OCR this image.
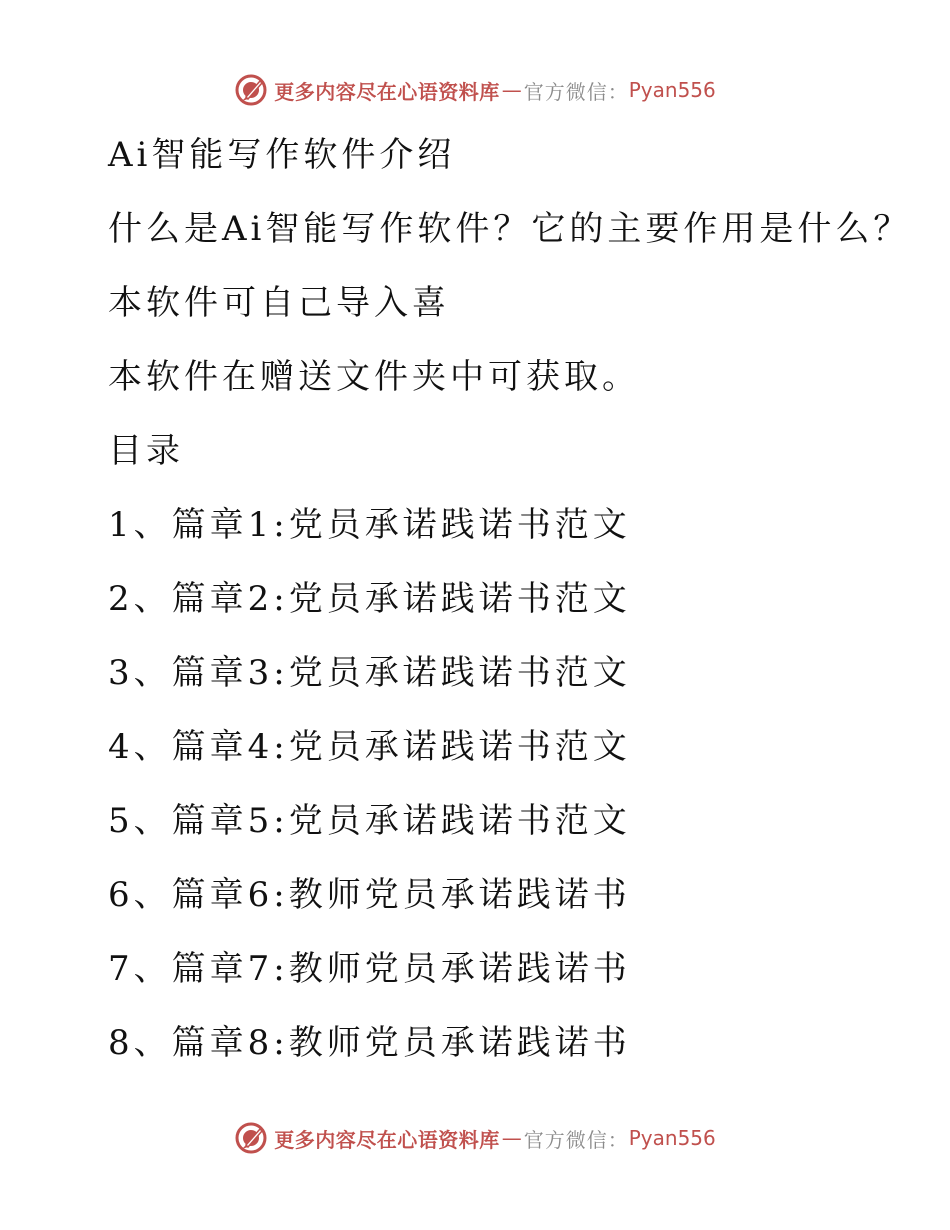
更多内容尽在心语资料库 — 官方微信： Pyan556
Ai智能写作软件介绍
什么是Ai智能写作软件？它的主要作用是什么？
本软件可自己导入喜
本软件在赠送文件夹中可获取。
目录
1、篇章1:党员承诺践诺书范文
2、篇章2:党员承诺践诺书范文
3、篇章3:党员承诺践诺书范文
4、篇章4:党员承诺践诺书范文
5、篇章5:党员承诺践诺书范文
6、篇章6:教师党员承诺践诺书
7、篇章7:教师党员承诺践诺书
8、篇章8:教师党员承诺践诺书
更多内容尽在心语资料库 — 官方微信： Pyan556
